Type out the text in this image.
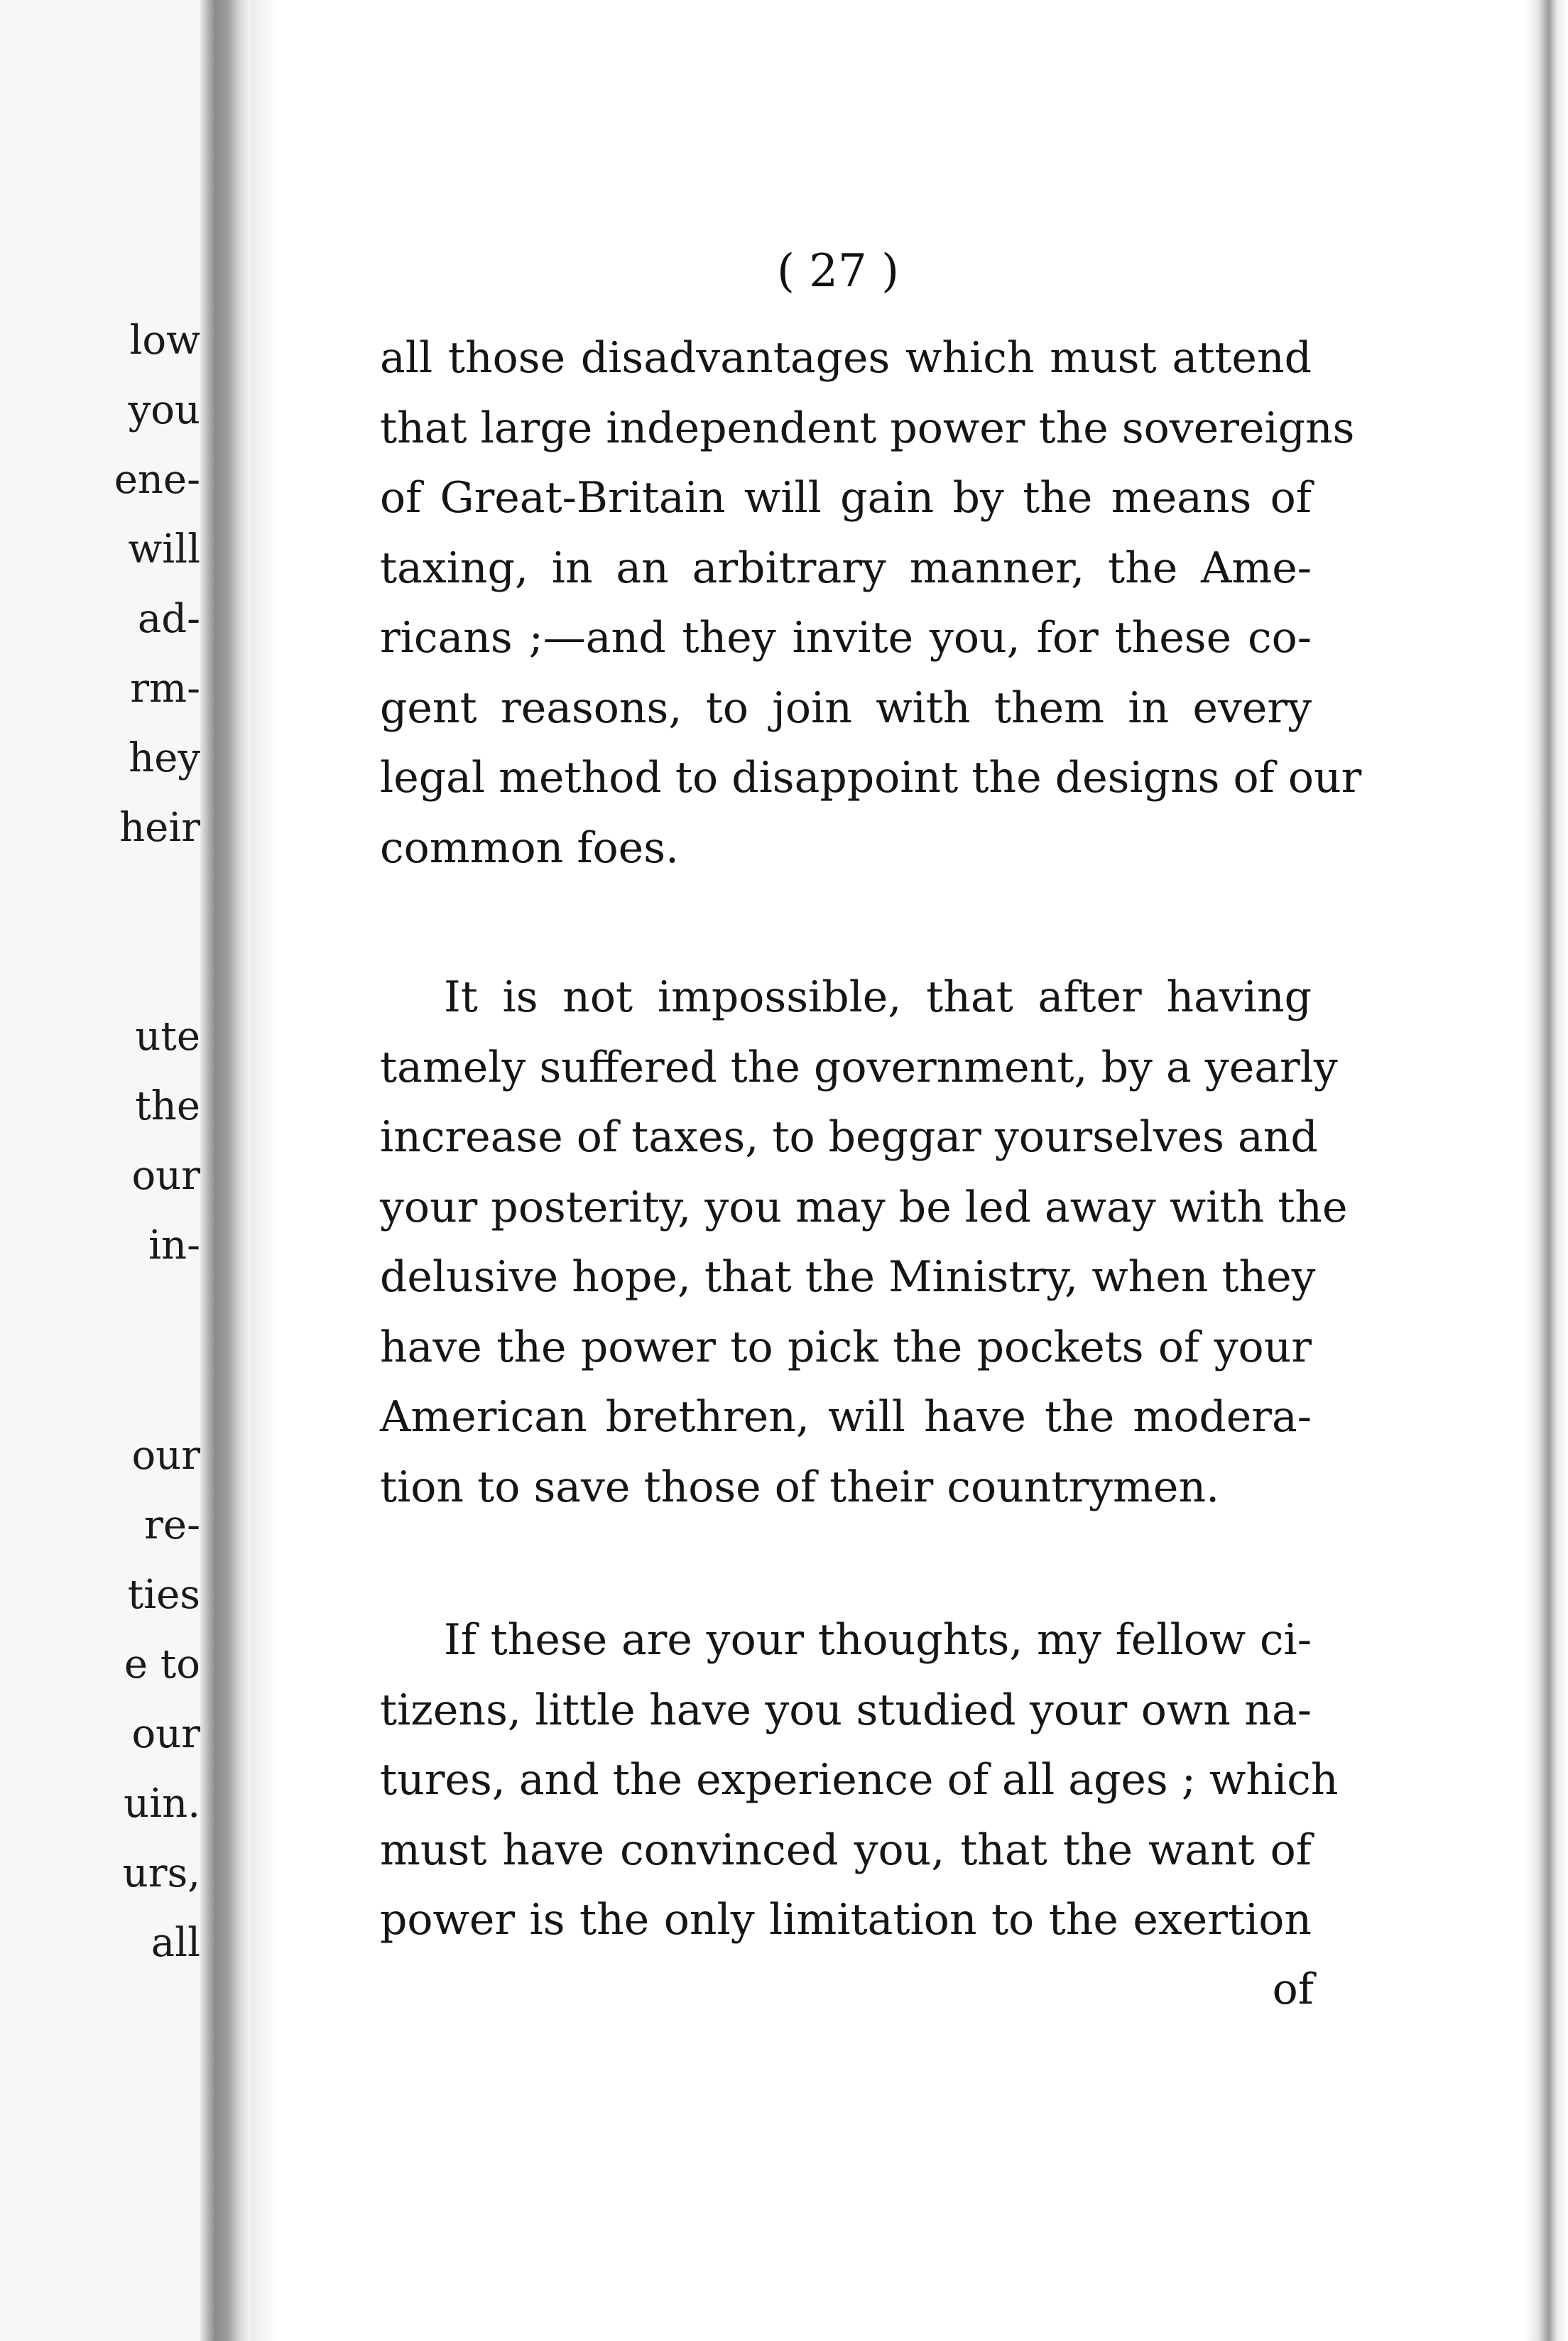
low
you
ene-
will
ad-
rm-
hey
heir
ute
the
our
in-
our
re-
ties
e to
our
uin.
urs,
all
( 27 )
all those disadvantages which must attend
that large independent power the sovereigns
of Great-Britain will gain by the means of
taxing, in an arbitrary manner, the Ame-
ricans ;—and they invite you, for these co-
gent reasons, to join with them in every
legal method to disappoint the designs of our
common foes.
It is not impossible, that after having
tamely suffered the government, by a yearly
increase of taxes, to beggar yourselves and
your posterity, you may be led away with the
delusive hope, that the Ministry, when they
have the power to pick the pockets of your
American brethren, will have the modera-
tion to save those of their countrymen.
If these are your thoughts, my fellow ci-
tizens, little have you studied your own na-
tures, and the experience of all ages ; which
must have convinced you, that the want of
power is the only limitation to the exertion
of
